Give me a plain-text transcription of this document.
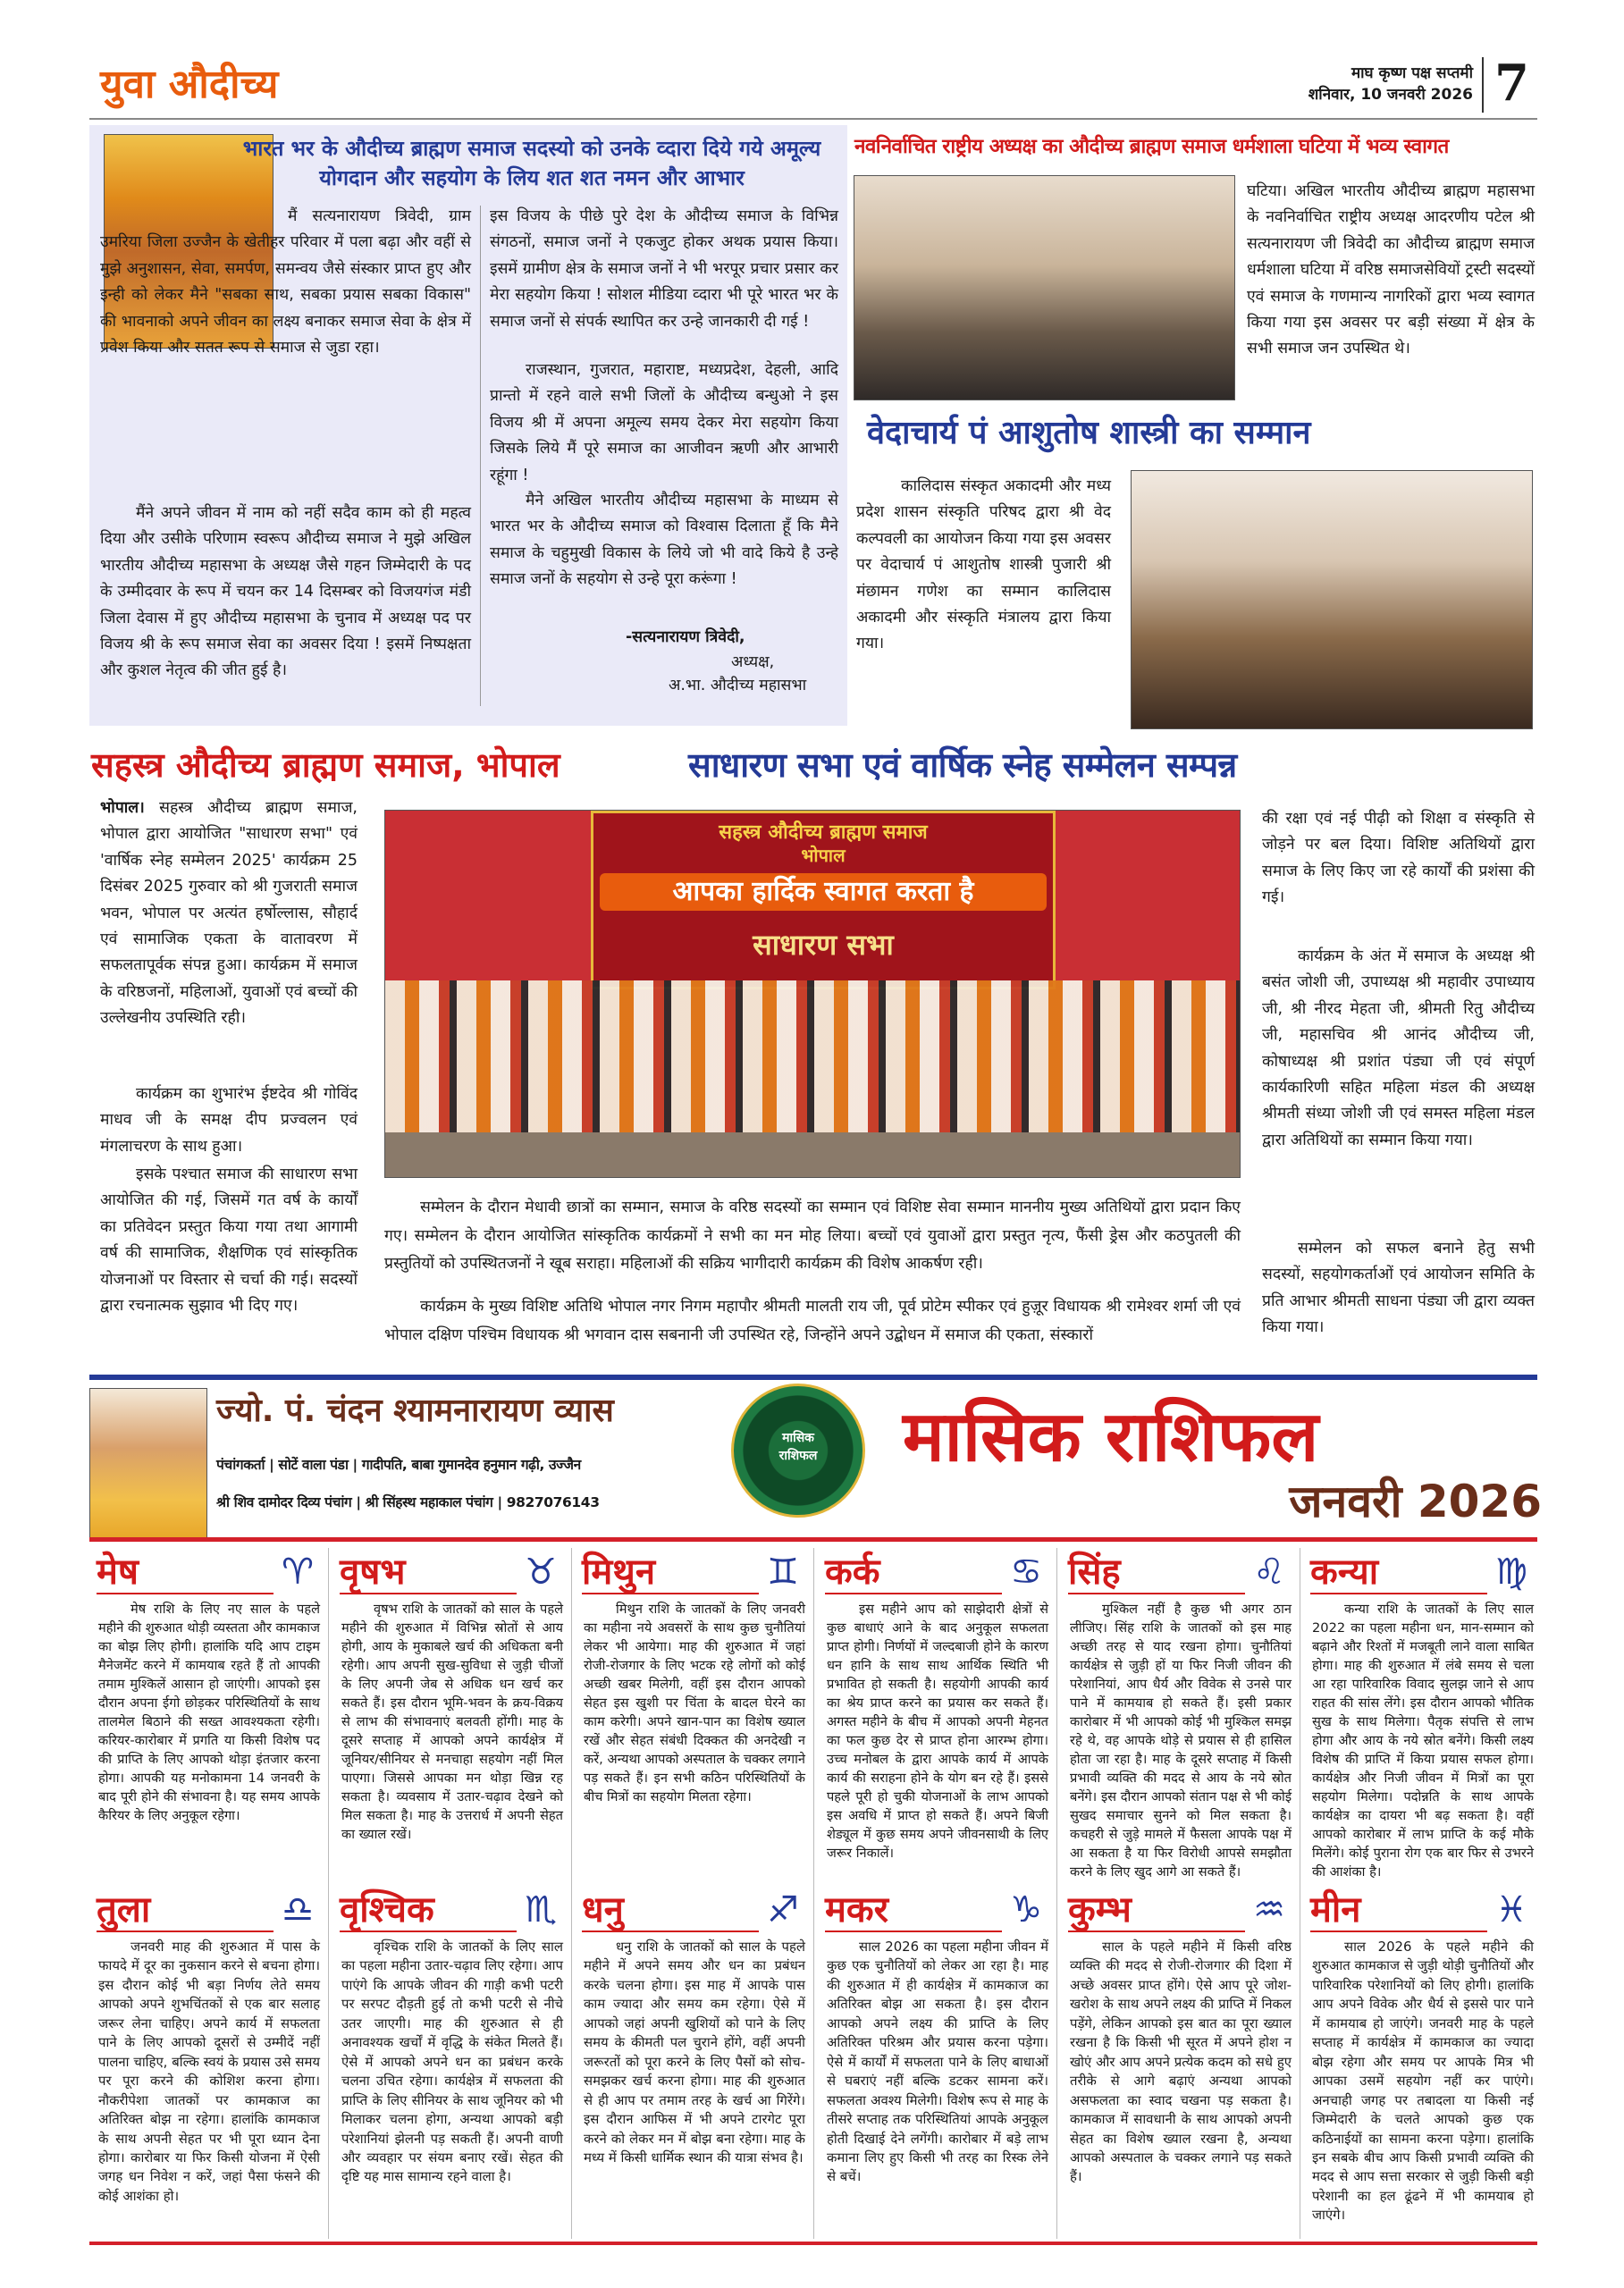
युवा औदीच्य	माघ कृष्ण पक्ष सप्तमी
शनिवार, 10 जनवरी 2026 7
भारत भर के औदीच्य ब्राह्मण समाज सदस्यो को उनके व्दारा दिये गये अमूल्य योगदान और सहयोग के लिय शत शत नमन और आभार
मैं सत्यनारायण त्रिवेदी, ग्राम उमरिया जिला उज्जैन के खेतीहर परिवार में पला बढ़ा और वहीं से मुझे अनुशासन, सेवा, समर्पण, समन्वय जैसे संस्कार प्राप्त हुए और इन्ही को लेकर मैने "सबका साथ, सबका प्रयास सबका विकास" की भावनाको अपने जीवन का लक्ष्य बनाकर समाज सेवा के क्षेत्र में प्रवेश किया और सतत रूप से समाज से जुडा रहा।
मैंने अपने जीवन में नाम को नहीं सदैव काम को ही महत्व दिया और उसीके परिणाम स्वरूप औदीच्य समाज ने मुझे अखिल भारतीय औदीच्य महासभा के अध्यक्ष जैसे गहन जिम्मेदारी के पद के उम्मीदवार के रूप में चयन कर 14 दिसम्बर को विजयगंज मंडी जिला देवास में हुए औदीच्य महासभा के चुनाव में अध्यक्ष पद पर विजय श्री के रूप समाज सेवा का अवसर दिया ! इसमें निष्पक्षता और कुशल नेतृत्व की जीत हुई है।
इस विजय के पीछे पुरे देश के औदीच्य समाज के विभिन्न संगठनों, समाज जनों ने एकजुट होकर अथक प्रयास किया। इसमें ग्रामीण क्षेत्र के समाज जनों ने भी भरपूर प्रचार प्रसार कर मेरा सहयोग किया ! सोशल मीडिया व्दारा भी पूरे भारत भर के समाज जनों से संपर्क स्थापित कर उन्हे जानकारी दी गई !
राजस्थान, गुजरात, महाराष्ट, मध्यप्रदेश, देहली, आदि प्रान्तो में रहने वाले सभी जिलों के औदीच्य बन्धुओ ने इस विजय श्री में अपना अमूल्य समय देकर मेरा सहयोग किया जिसके लिये मैं पूरे समाज का आजीवन ऋणी और आभारी रहूंगा !
मैने अखिल भारतीय औदीच्य महासभा के माध्यम से भारत भर के औदीच्य समाज को विश्वास दिलाता हूँ कि मैने समाज के चहुमुखी विकास के लिये जो भी वादे किये है उन्हे समाज जनों के सहयोग से उन्हे पूरा करूंगा !
-सत्यनारायण त्रिवेदी,
अध्यक्ष,
अ.भा. औदीच्य महासभा
नवनिर्वाचित राष्ट्रीय अध्यक्ष का औदीच्य ब्राह्मण समाज धर्मशाला घटिया में भव्य स्वागत
घटिया। अखिल भारतीय औदीच्य ब्राह्मण महासभा के नवनिर्वाचित राष्ट्रीय अध्यक्ष आदरणीय पटेल श्री सत्यनारायण जी त्रिवेदी का औदीच्य ब्राह्मण समाज धर्मशाला घटिया में वरिष्ठ समाजसेवियों ट्रस्टी सदस्यों एवं समाज के गणमान्य नागरिकों द्वारा भव्य स्वागत किया गया इस अवसर पर बड़ी संख्या में क्षेत्र के सभी समाज जन उपस्थित थे।
वेदाचार्य पं आशुतोष शास्त्री का सम्मान
कालिदास संस्कृत अकादमी और मध्य प्रदेश शासन संस्कृति परिषद द्वारा श्री वेद कल्पवली का आयोजन किया गया इस अवसर पर वेदाचार्य पं आशुतोष शास्त्री पुजारी श्री मंछामन गणेश का सम्मान कालिदास अकादमी और संस्कृति मंत्रालय द्वारा किया गया।
सहस्त्र औदीच्य ब्राह्मण समाज, भोपाल	साधारण सभा एवं वार्षिक स्नेह सम्मेलन सम्पन्न
भोपाल। सहस्त्र औदीच्य ब्राह्मण समाज, भोपाल द्वारा आयोजित "साधारण सभा" एवं 'वार्षिक स्नेह सम्मेलन 2025' कार्यक्रम 25 दिसंबर 2025 गुरुवार को श्री गुजराती समाज भवन, भोपाल पर अत्यंत हर्षोल्लास, सौहार्द एवं सामाजिक एकता के वातावरण में सफलतापूर्वक संपन्न हुआ। कार्यक्रम में समाज के वरिष्ठजनों, महिलाओं, युवाओं एवं बच्चों की उल्लेखनीय उपस्थिति रही।
कार्यक्रम का शुभारंभ ईष्टदेव श्री गोविंद माधव जी के समक्ष दीप प्रज्वलन एवं मंगलाचरण के साथ हुआ।
इसके पश्चात समाज की साधारण सभा आयोजित की गई, जिसमें गत वर्ष के कार्यों का प्रतिवेदन प्रस्तुत किया गया तथा आगामी वर्ष की सामाजिक, शैक्षणिक एवं सांस्कृतिक योजनाओं पर विस्तार से चर्चा की गई। सदस्यों द्वारा रचनात्मक सुझाव भी दिए गए।
सहस्त्र औदीच्य ब्राह्मण समाज
भोपाल
आपका हार्दिक स्वागत करता है
साधारण सभा
सम्मेलन के दौरान मेधावी छात्रों का सम्मान, समाज के वरिष्ठ सदस्यों का सम्मान एवं विशिष्ट सेवा सम्मान माननीय मुख्य अतिथियों द्वारा प्रदान किए गए। सम्मेलन के दौरान आयोजित सांस्कृतिक कार्यक्रमों ने सभी का मन मोह लिया। बच्चों एवं युवाओं द्वारा प्रस्तुत नृत्य, फैंसी ड्रेस और कठपुतली की प्रस्तुतियों को उपस्थितजनों ने खूब सराहा। महिलाओं की सक्रिय भागीदारी कार्यक्रम की विशेष आकर्षण रही।
कार्यक्रम के मुख्य विशिष्ट अतिथि भोपाल नगर निगम महापौर श्रीमती मालती राय जी, पूर्व प्रोटेम स्पीकर एवं हुज़ूर विधायक श्री रामेश्वर शर्मा जी एवं भोपाल दक्षिण पश्चिम विधायक श्री भगवान दास सबनानी जी उपस्थित रहे, जिन्होंने अपने उद्बोधन में समाज की एकता, संस्कारों
की रक्षा एवं नई पीढ़ी को शिक्षा व संस्कृति से जोड़ने पर बल दिया। विशिष्ट अतिथियों द्वारा समाज के लिए किए जा रहे कार्यों की प्रशंसा की गई।
कार्यक्रम के अंत में समाज के अध्यक्ष श्री बसंत जोशी जी, उपाध्यक्ष श्री महावीर उपाध्याय जी, श्री नीरद मेहता जी, श्रीमती रितु औदीच्य जी, महासचिव श्री आनंद औदीच्य जी, कोषाध्यक्ष श्री प्रशांत पंड्या जी एवं संपूर्ण कार्यकारिणी सहित महिला मंडल की अध्यक्ष श्रीमती संध्या जोशी जी एवं समस्त महिला मंडल द्वारा अतिथियों का सम्मान किया गया।
सम्मेलन को सफल बनाने हेतु सभी सदस्यों, सहयोगकर्ताओं एवं आयोजन समिति के प्रति आभार श्रीमती साधना पंड्या जी द्वारा व्यक्त किया गया।
ज्यो. पं. चंदन श्यामनारायण व्यास
पंचांगकर्ता | सोटें वाला पंडा | गादीपति, बाबा गुमानदेव हनुमान गढ़ी, उज्जैन
श्री शिव दामोदर दिव्य पंचांग | श्री सिंहस्थ महाकाल पंचांग | 9827076143
मासिक
राशिफल मासिक राशिफल
जनवरी 2026
मेष	♈
मेष राशि के लिए नए साल के पहले महीने की शुरुआत थोड़ी व्यस्तता और कामकाज का बोझ लिए होगी। हालांकि यदि आप टाइम मैनेजमेंट करने में कामयाब रहते हैं तो आपकी तमाम मुश्किलें आसान हो जाएंगी। आपको इस दौरान अपना ईगो छोड़कर परिस्थितियों के साथ तालमेल बिठाने की सख्त आवश्यकता रहेगी। करियर-कारोबार में प्रगति या किसी विशेष पद की प्राप्ति के लिए आपको थोड़ा इंतजार करना होगा। आपकी यह मनोकामना 14 जनवरी के बाद पूरी होने की संभावना है। यह समय आपके कैरियर के लिए अनुकूल रहेगा।
वृषभ	♉
वृषभ राशि के जातकों को साल के पहले महीने की शुरुआत में विभिन्न स्रोतों से आय होगी, आय के मुकाबले खर्च की अधिकता बनी रहेगी। आप अपनी सुख-सुविधा से जुड़ी चीजों के लिए अपनी जेब से अधिक धन खर्च कर सकते हैं। इस दौरान भूमि-भवन के क्रय-विक्रय से लाभ की संभावनाएं बलवती होंगी। माह के दूसरे सप्ताह में आपको अपने कार्यक्षेत्र में जूनियर/सीनियर से मनचाहा सहयोग नहीं मिल पाएगा। जिससे आपका मन थोड़ा खिन्न रह सकता है। व्यवसाय में उतार-चढ़ाव देखने को मिल सकता है। माह के उत्तरार्ध में अपनी सेहत का ख्याल रखें।
मिथुन	♊
मिथुन राशि के जातकों के लिए जनवरी का महीना नये अवसरों के साथ कुछ चुनौतियां लेकर भी आयेगा। माह की शुरुआत में जहां रोजी-रोजगार के लिए भटक रहे लोगों को कोई अच्छी खबर मिलेगी, वहीं इस दौरान आपको सेहत इस खुशी पर चिंता के बादल घेरने का काम करेगी। अपने खान-पान का विशेष ख्याल रखें और सेहत संबंधी दिक्कत की अनदेखी न करें, अन्यथा आपको अस्पताल के चक्कर लगाने पड़ सकते हैं। इन सभी कठिन परिस्थितियों के बीच मित्रों का सहयोग मिलता रहेगा।
कर्क	♋
इस महीने आप को साझेदारी क्षेत्रों से कुछ बाधाएं आने के बाद अनुकूल सफलता प्राप्त होगी। निर्णयों में जल्दबाजी होने के कारण धन हानि के साथ साथ आर्थिक स्थिति भी प्रभावित हो सकती है। सहयोगी आपकी कार्य का श्रेय प्राप्त करने का प्रयास कर सकते हैं। अगस्त महीने के बीच में आपको अपनी मेहनत का फल कुछ देर से प्राप्त होना आरम्भ होगा। उच्च मनोबल के द्वारा आपके कार्य में आपके कार्य की सराहना होने के योग बन रहे हैं। इससे पहले पूरी हो चुकी योजनाओं के लाभ आपको इस अवधि में प्राप्त हो सकते हैं। अपने बिजी शेड्यूल में कुछ समय अपने जीवनसाथी के लिए जरूर निकालें।
सिंह	♌
मुश्किल नहीं है कुछ भी अगर ठान लीजिए। सिंह राशि के जातकों को इस माह अच्छी तरह से याद रखना होगा। चुनौतियां कार्यक्षेत्र से जुड़ी हों या फिर निजी जीवन की परेशानियां, आप धैर्य और विवेक से उनसे पार पाने में कामयाब हो सकते हैं। इसी प्रकार कारोबार में भी आपको कोई भी मुश्किल समझ रहे थे, वह आपके थोड़े से प्रयास से ही हासिल होता जा रहा है। माह के दूसरे सप्ताह में किसी प्रभावी व्यक्ति की मदद से आय के नये स्रोत बनेंगे। इस दौरान आपको संतान पक्ष से भी कोई सुखद समाचार सुनने को मिल सकता है। कचहरी से जुड़े मामले में फैसला आपके पक्ष में आ सकता है या फिर विरोधी आपसे समझौता करने के लिए खुद आगे आ सकते हैं।
कन्या	♍
कन्या राशि के जातकों के लिए साल 2022 का पहला महीना धन, मान-सम्मान को बढ़ाने और रिश्तों में मजबूती लाने वाला साबित होगा। माह की शुरुआत में लंबे समय से चला आ रहा पारिवारिक विवाद सुलझ जाने से आप राहत की सांस लेंगे। इस दौरान आपको भौतिक सुख के साथ मिलेगा। पैतृक संपत्ति से लाभ होगा और आय के नये स्रोत बनेंगे। किसी लक्ष्य विशेष की प्राप्ति में किया प्रयास सफल होगा। कार्यक्षेत्र और निजी जीवन में मित्रों का पूरा सहयोग मिलेगा। पदोन्नति के साथ आपके कार्यक्षेत्र का दायरा भी बढ़ सकता है। वहीं आपको कारोबार में लाभ प्राप्ति के कई मौके मिलेंगे। कोई पुराना रोग एक बार फिर से उभरने की आशंका है।
तुला	♎
जनवरी माह की शुरुआत में पास के फायदे में दूर का नुकसान करने से बचना होगा। इस दौरान कोई भी बड़ा निर्णय लेते समय आपको अपने शुभचिंतकों से एक बार सलाह जरूर लेना चाहिए। अपने कार्य में सफलता पाने के लिए आपको दूसरों से उम्मीदें नहीं पालना चाहिए, बल्कि स्वयं के प्रयास उसे समय पर पूरा करने की कोशिश करना होगा। नौकरीपेशा जातकों पर कामकाज का अतिरिक्त बोझ ना रहेगा। हालांकि कामकाज के साथ अपनी सेहत पर भी पूरा ध्यान देना होगा। कारोबार या फिर किसी योजना में ऐसी जगह धन निवेश न करें, जहां पैसा फंसने की कोई आशंका हो।
वृश्चिक	♏
वृश्चिक राशि के जातकों के लिए साल का पहला महीना उतार-चढ़ाव लिए रहेगा। आप पाएंगे कि आपके जीवन की गाड़ी कभी पटरी पर सरपट दौड़ती हुई तो कभी पटरी से नीचे उतर जाएगी। माह की शुरुआत से ही अनावश्यक खर्चों में वृद्धि के संकेत मिलते हैं। ऐसे में आपको अपने धन का प्रबंधन करके चलना उचित रहेगा। कार्यक्षेत्र में सफलता की प्राप्ति के लिए सीनियर के साथ जूनियर को भी मिलाकर चलना होगा, अन्यथा आपको बड़ी परेशानियां झेलनी पड़ सकती हैं। अपनी वाणी और व्यवहार पर संयम बनाए रखें। सेहत की दृष्टि यह मास सामान्य रहने वाला है।
धनु	♐
धनु राशि के जातकों को साल के पहले महीने में अपने समय और धन का प्रबंधन करके चलना होगा। इस माह में आपके पास काम ज्यादा और समय कम रहेगा। ऐसे में आपको जहां अपनी खुशियों को पाने के लिए समय के कीमती पल चुराने होंगे, वहीं अपनी जरूरतों को पूरा करने के लिए पैसों को सोच-समझकर खर्च करना होगा। माह की शुरुआत से ही आप पर तमाम तरह के खर्च आ गिरेंगे। इस दौरान आफिस में भी अपने टारगेट पूरा करने को लेकर मन में बोझ बना रहेगा। माह के मध्य में किसी धार्मिक स्थान की यात्रा संभव है।
मकर	♑
साल 2026 का पहला महीना जीवन में कुछ एक चुनौतियों को लेकर आ रहा है। माह की शुरुआत में ही कार्यक्षेत्र में कामकाज का अतिरिक्त बोझ आ सकता है। इस दौरान आपको अपने लक्ष्य की प्राप्ति के लिए अतिरिक्त परिश्रम और प्रयास करना पड़ेगा। ऐसे में कार्यों में सफलता पाने के लिए बाधाओं से घबराएं नहीं बल्कि डटकर सामना करें। सफलता अवश्य मिलेगी। विशेष रूप से माह के तीसरे सप्ताह तक परिस्थितियां आपके अनुकूल होती दिखाई देने लगेंगी। कारोबार में बड़े लाभ कमाना लिए हुए किसी भी तरह का रिस्क लेने से बचें।
कुम्भ	♒
साल के पहले महीने में किसी वरिष्ठ व्यक्ति की मदद से रोजी-रोजगार की दिशा में अच्छे अवसर प्राप्त होंगे। ऐसे आप पूरे जोश-खरोश के साथ अपने लक्ष्य की प्राप्ति में निकल पड़ेंगे, लेकिन आपको इस बात का पूरा ख्याल रखना है कि किसी भी सूरत में अपने होश न खोएं और आप अपने प्रत्येक कदम को सधे हुए तरीके से आगे बढ़ाएं अन्यथा आपको असफलता का स्वाद चखना पड़ सकता है। कामकाज में सावधानी के साथ आपको अपनी सेहत का विशेष ख्याल रखना है, अन्यथा आपको अस्पताल के चक्कर लगाने पड़ सकते हैं।
मीन	♓
साल 2026 के पहले महीने की शुरुआत कामकाज से जुड़ी थोड़ी चुनौतियों और पारिवारिक परेशानियों को लिए होगी। हालांकि आप अपने विवेक और धैर्य से इससे पार पाने में कामयाब हो जाएंगे। जनवरी माह के पहले सप्ताह में कार्यक्षेत्र में कामकाज का ज्यादा बोझ रहेगा और समय पर आपके मित्र भी आपका उसमें सहयोग नहीं कर पाएंगे। अनचाही जगह पर तबादला या किसी नई जिम्मेदारी के चलते आपको कुछ एक कठिनाईयों का सामना करना पड़ेगा। हालांकि इन सबके बीच आप किसी प्रभावी व्यक्ति की मदद से आप सत्ता सरकार से जुड़ी किसी बड़ी परेशानी का हल ढूंढने में भी कामयाब हो जाएंगे।
